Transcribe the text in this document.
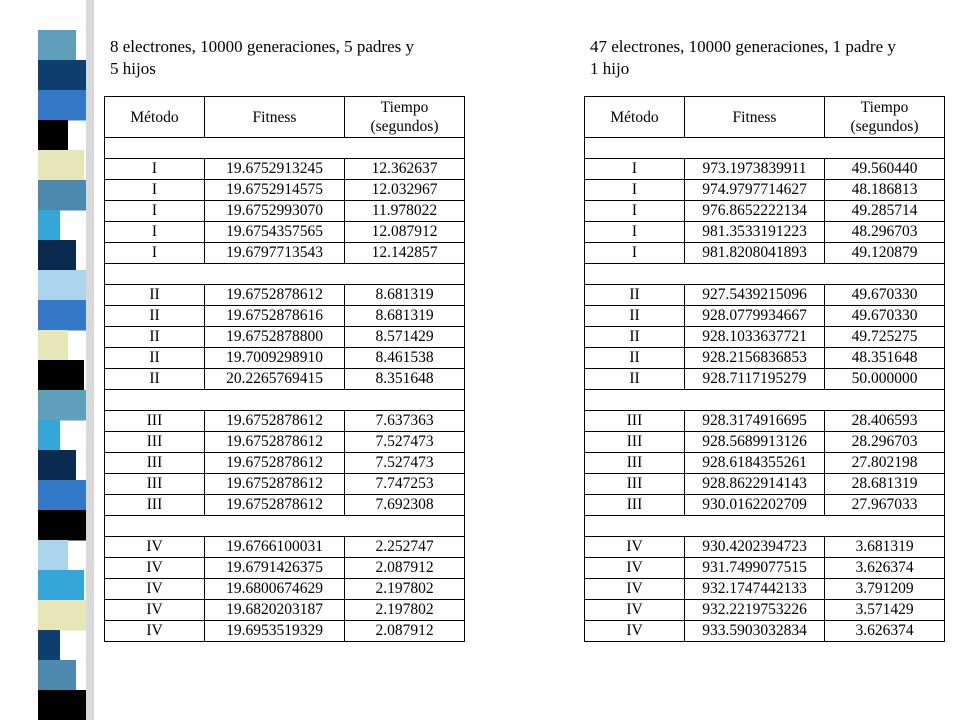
8 electrones, 10000 generaciones, 5 padres y
5 hijos
Método	Fitness	Tiempo
(segundos)

I	19.6752913245	12.362637
I	19.6752914575	12.032967
I	19.6752993070	11.978022
I	19.6754357565	12.087912
I	19.6797713543	12.142857

II	19.6752878612	8.681319
II	19.6752878616	8.681319
II	19.6752878800	8.571429
II	19.7009298910	8.461538
II	20.2265769415	8.351648

III	19.6752878612	7.637363
III	19.6752878612	7.527473
III	19.6752878612	7.527473
III	19.6752878612	7.747253
III	19.6752878612	7.692308

IV	19.6766100031	2.252747
IV	19.6791426375	2.087912
IV	19.6800674629	2.197802
IV	19.6820203187	2.197802
IV	19.6953519329	2.087912
47 electrones, 10000 generaciones, 1 padre y
1 hijo
Método	Fitness	Tiempo
(segundos)

I	973.1973839911	49.560440
I	974.9797714627	48.186813
I	976.8652222134	49.285714
I	981.3533191223	48.296703
I	981.8208041893	49.120879

II	927.5439215096	49.670330
II	928.0779934667	49.670330
II	928.1033637721	49.725275
II	928.2156836853	48.351648
II	928.7117195279	50.000000

III	928.3174916695	28.406593
III	928.5689913126	28.296703
III	928.6184355261	27.802198
III	928.8622914143	28.681319
III	930.0162202709	27.967033

IV	930.4202394723	3.681319
IV	931.7499077515	3.626374
IV	932.1747442133	3.791209
IV	932.2219753226	3.571429
IV	933.5903032834	3.626374
